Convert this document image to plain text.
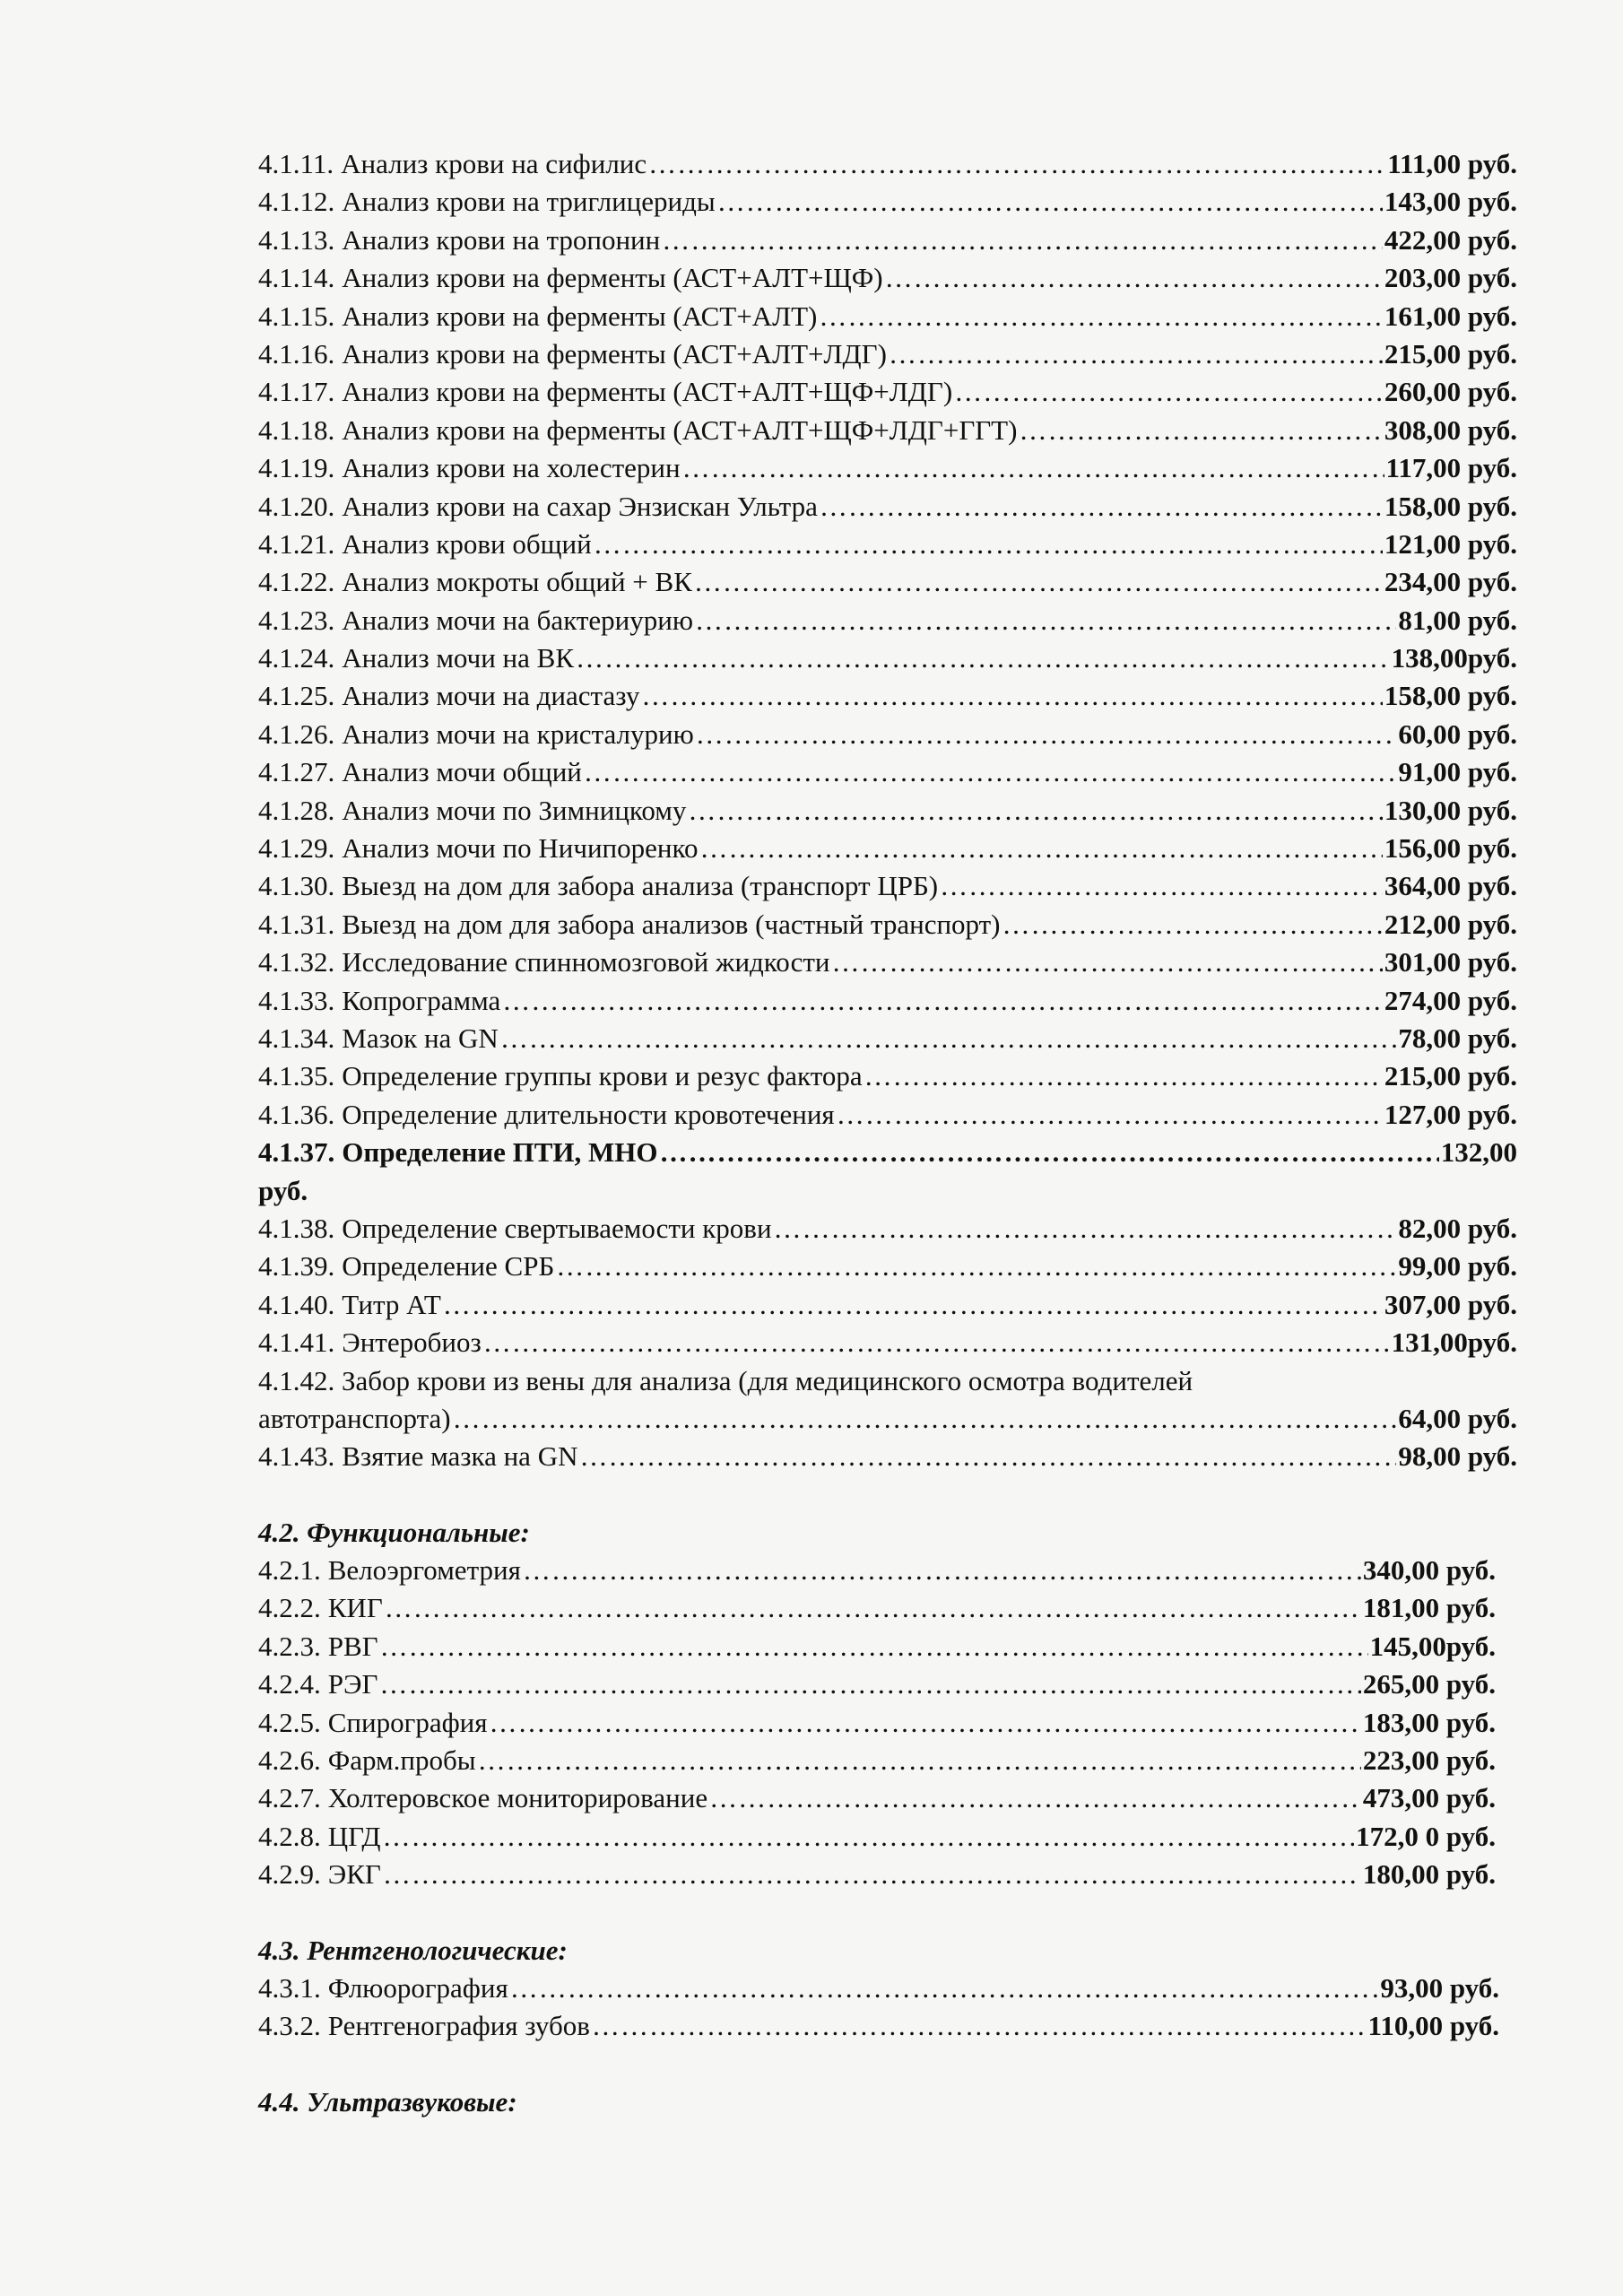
4.1.11. Анализ крови на сифилис ……………………………………………………………………………………………………………………………………………………………………………………………	111,00 руб.
4.1.12. Анализ крови на триглицериды ……………………………………………………………………………………………………………………………………………………………………………………………	143,00 руб.
4.1.13. Анализ крови на тропонин ……………………………………………………………………………………………………………………………………………………………………………………………	422,00 руб.
4.1.14. Анализ крови на ферменты (АСТ+АЛТ+ЩФ) ……………………………………………………………………………………………………………………………………………………………………………………………	203,00 руб.
4.1.15. Анализ крови на ферменты (АСТ+АЛТ) ……………………………………………………………………………………………………………………………………………………………………………………………	161,00 руб.
4.1.16. Анализ крови на ферменты (АСТ+АЛТ+ЛДГ) ……………………………………………………………………………………………………………………………………………………………………………………………	215,00 руб.
4.1.17. Анализ крови на ферменты (АСТ+АЛТ+ЩФ+ЛДГ) ……………………………………………………………………………………………………………………………………………………………………………………………	260,00 руб.
4.1.18. Анализ крови на ферменты (АСТ+АЛТ+ЩФ+ЛДГ+ГГТ) ……………………………………………………………………………………………………………………………………………………………………………………………	308,00 руб.
4.1.19. Анализ крови на холестерин ……………………………………………………………………………………………………………………………………………………………………………………………	117,00 руб.
4.1.20. Анализ крови на сахар Энзискан Ультра ……………………………………………………………………………………………………………………………………………………………………………………………	158,00 руб.
4.1.21. Анализ крови общий ……………………………………………………………………………………………………………………………………………………………………………………………	121,00 руб.
4.1.22. Анализ мокроты общий + ВК ……………………………………………………………………………………………………………………………………………………………………………………………	234,00 руб.
4.1.23. Анализ мочи на бактериурию ……………………………………………………………………………………………………………………………………………………………………………………………	81,00 руб.
4.1.24. Анализ мочи на ВК ……………………………………………………………………………………………………………………………………………………………………………………………	138,00руб.
4.1.25. Анализ мочи на диастазу ……………………………………………………………………………………………………………………………………………………………………………………………	158,00 руб.
4.1.26. Анализ мочи на кристалурию ……………………………………………………………………………………………………………………………………………………………………………………………	60,00 руб.
4.1.27. Анализ мочи общий ……………………………………………………………………………………………………………………………………………………………………………………………	91,00 руб.
4.1.28. Анализ мочи по Зимницкому ……………………………………………………………………………………………………………………………………………………………………………………………	130,00 руб.
4.1.29. Анализ мочи по Ничипоренко ……………………………………………………………………………………………………………………………………………………………………………………………	156,00 руб.
4.1.30. Выезд на дом для забора анализа (транспорт ЦРБ) ……………………………………………………………………………………………………………………………………………………………………………………………	364,00 руб.
4.1.31. Выезд на дом для забора анализов (частный транспорт) ……………………………………………………………………………………………………………………………………………………………………………………………	212,00 руб.
4.1.32. Исследование спинномозговой жидкости ……………………………………………………………………………………………………………………………………………………………………………………………	301,00 руб.
4.1.33. Копрограмма ……………………………………………………………………………………………………………………………………………………………………………………………	274,00 руб.
4.1.34. Мазок на GN ……………………………………………………………………………………………………………………………………………………………………………………………	78,00 руб.
4.1.35. Определение группы крови и резус фактора ……………………………………………………………………………………………………………………………………………………………………………………………	215,00 руб.
4.1.36. Определение длительности кровотечения ……………………………………………………………………………………………………………………………………………………………………………………………	127,00 руб.
4.1.37. Определение ПТИ, МНО ……………………………………………………………………………………………………………………………………………………………………………………………	132,00
руб.
4.1.38. Определение свертываемости крови ……………………………………………………………………………………………………………………………………………………………………………………………	82,00 руб.
4.1.39. Определение СРБ ……………………………………………………………………………………………………………………………………………………………………………………………	99,00 руб.
4.1.40. Титр АТ ……………………………………………………………………………………………………………………………………………………………………………………………	307,00 руб.
4.1.41. Энтеробиоз ……………………………………………………………………………………………………………………………………………………………………………………………	131,00руб.
4.1.42. Забор крови из вены для анализа (для медицинского осмотра водителей
автотранспорта) ……………………………………………………………………………………………………………………………………………………………………………………………	64,00 руб.
4.1.43. Взятие мазка на GN ……………………………………………………………………………………………………………………………………………………………………………………………	98,00 руб.
4.2. Функциональные:
4.2.1. Велоэргометрия ……………………………………………………………………………………………………………………………………………………………………………………………	340,00 руб.
4.2.2. КИГ ……………………………………………………………………………………………………………………………………………………………………………………………	181,00 руб.
4.2.3. РВГ ……………………………………………………………………………………………………………………………………………………………………………………………	145,00руб.
4.2.4. РЭГ ……………………………………………………………………………………………………………………………………………………………………………………………	265,00 руб.
4.2.5. Спирография ……………………………………………………………………………………………………………………………………………………………………………………………	183,00 руб.
4.2.6. Фарм.пробы ……………………………………………………………………………………………………………………………………………………………………………………………	223,00 руб.
4.2.7. Холтеровское мониторирование ……………………………………………………………………………………………………………………………………………………………………………………………	473,00 руб.
4.2.8. ЦГД ……………………………………………………………………………………………………………………………………………………………………………………………	172,0 0 руб.
4.2.9. ЭКГ ……………………………………………………………………………………………………………………………………………………………………………………………	180,00 руб.
4.3. Рентгенологические:
4.3.1. Флюорография ……………………………………………………………………………………………………………………………………………………………………………………………	93,00 руб.
4.3.2. Рентгенография зубов ……………………………………………………………………………………………………………………………………………………………………………………………	110,00 руб.
4.4. Ультразвуковые:
